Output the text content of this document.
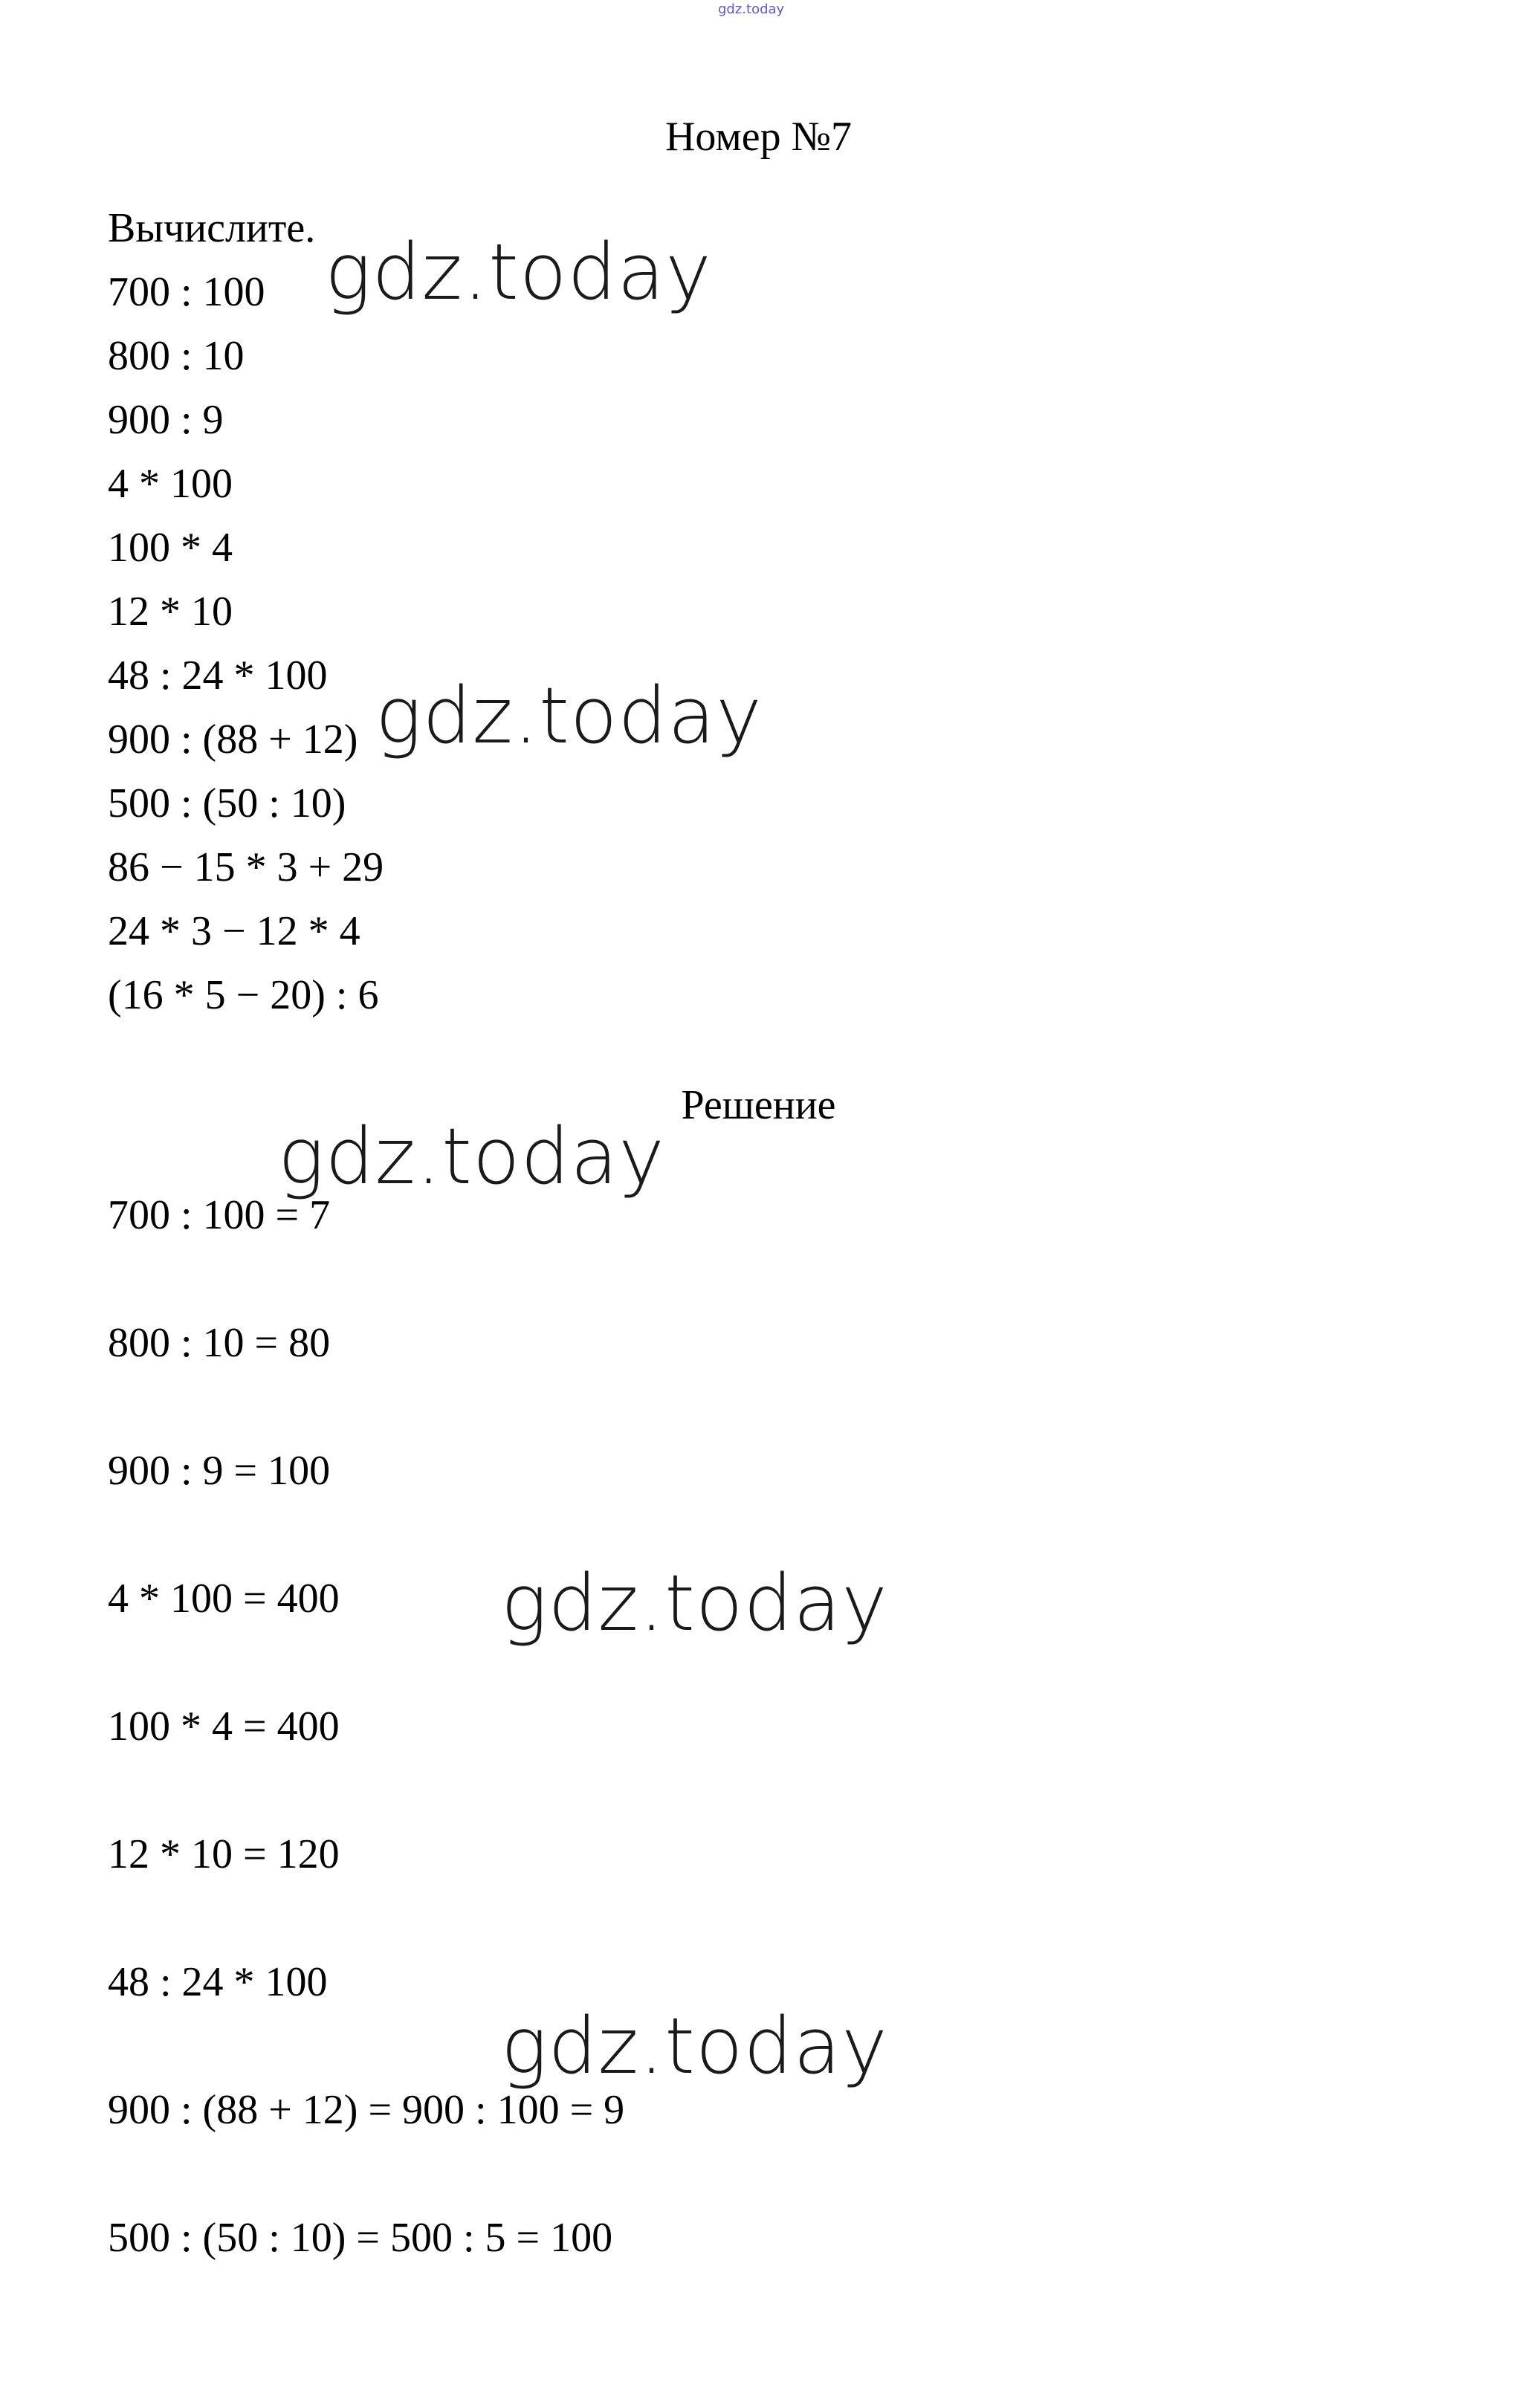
gdz.today
Номер №7
Вычислите.
700 : 100
800 : 10
900 : 9
4 * 100
100 * 4
12 * 10
48 : 24 * 100
900 : (88 + 12)
500 : (50 : 10)
86 − 15 * 3 + 29
24 * 3 − 12 * 4
(16 * 5 − 20) : 6
Решение
700 : 100 = 7
800 : 10 = 80
900 : 9 = 100
4 * 100 = 400
100 * 4 = 400
12 * 10 = 120
48 : 24 * 100
900 : (88 + 12) = 900 : 100 = 9
500 : (50 : 10) = 500 : 5 = 100
gdz.today
gdz.today
gdz.today
gdz.today
gdz.today
